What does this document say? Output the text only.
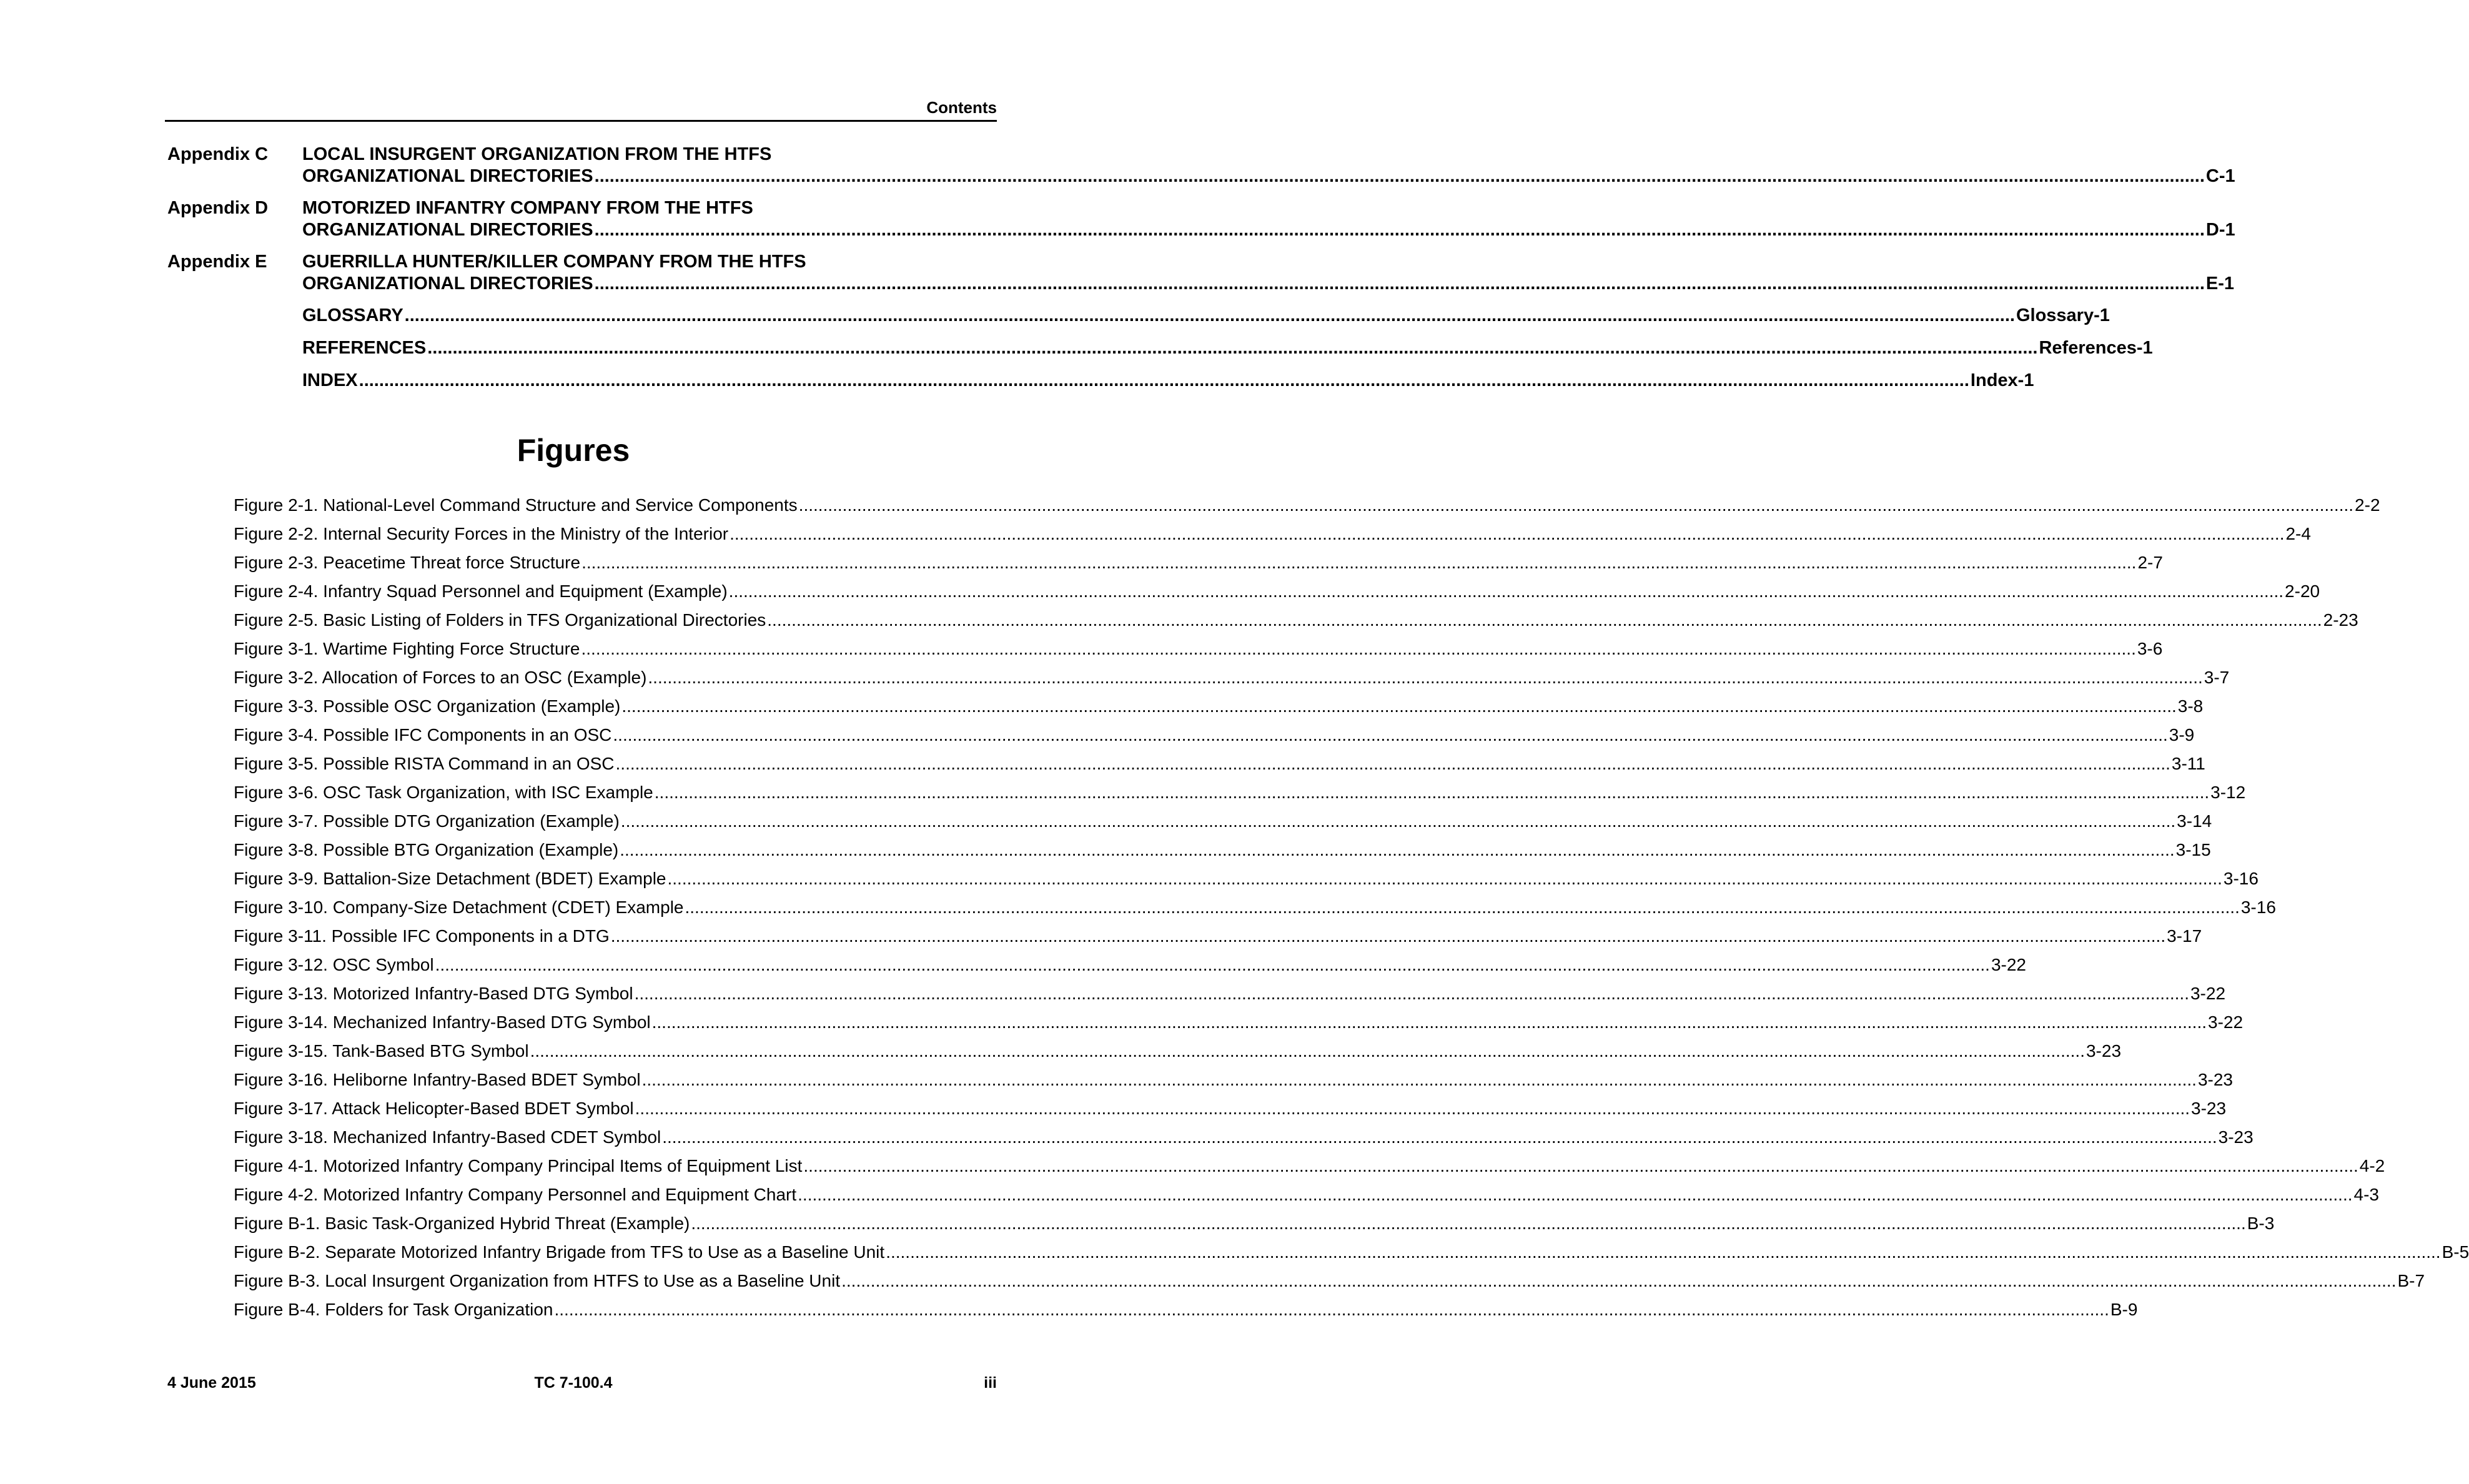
Contents
Appendix C	LOCAL INSURGENT ORGANIZATION FROM THE HTFS
ORGANIZATIONAL DIRECTORIES .....	C-1
Appendix D	MOTORIZED INFANTRY COMPANY FROM THE HTFS
ORGANIZATIONAL DIRECTORIES .....	D-1
Appendix E	GUERRILLA HUNTER/KILLER COMPANY FROM THE HTFS
ORGANIZATIONAL DIRECTORIES .....	E-1
GLOSSARY .....	Glossary-1
REFERENCES .....	References-1
INDEX .....	Index-1
Figures
Figure 2-1. National-Level Command Structure and Service Components .....	2-2
Figure 2-2. Internal Security Forces in the Ministry of the Interior .....	2-4
Figure 2-3. Peacetime Threat force Structure .....	2-7
Figure 2-4. Infantry Squad Personnel and Equipment (Example) .....	2-20
Figure 2-5. Basic Listing of Folders in TFS Organizational Directories .....	2-23
Figure 3-1. Wartime Fighting Force Structure .....	3-6
Figure 3-2. Allocation of Forces to an OSC (Example) .....	3-7
Figure 3-3. Possible OSC Organization (Example) .....	3-8
Figure 3-4. Possible IFC Components in an OSC .....	3-9
Figure 3-5. Possible RISTA Command in an OSC .....	3-11
Figure 3-6. OSC Task Organization, with ISC Example .....	3-12
Figure 3-7. Possible DTG Organization (Example) .....	3-14
Figure 3-8. Possible BTG Organization (Example) .....	3-15
Figure 3-9. Battalion-Size Detachment (BDET) Example .....	3-16
Figure 3-10. Company-Size Detachment (CDET) Example .....	3-16
Figure 3-11. Possible IFC Components in a DTG .....	3-17
Figure 3-12. OSC Symbol .....	3-22
Figure 3-13. Motorized Infantry-Based DTG Symbol .....	3-22
Figure 3-14. Mechanized Infantry-Based DTG Symbol .....	3-22
Figure 3-15. Tank-Based BTG Symbol .....	3-23
Figure 3-16. Heliborne Infantry-Based BDET Symbol .....	3-23
Figure 3-17. Attack Helicopter-Based BDET Symbol .....	3-23
Figure 3-18. Mechanized Infantry-Based CDET Symbol .....	3-23
Figure 4-1. Motorized Infantry Company Principal Items of Equipment List .....	4-2
Figure 4-2. Motorized Infantry Company Personnel and Equipment Chart .....	4-3
Figure B-1. Basic Task-Organized Hybrid Threat (Example) .....	B-3
Figure B-2. Separate Motorized Infantry Brigade from TFS to Use as a Baseline Unit .....	B-5
Figure B-3. Local Insurgent Organization from HTFS to Use as a Baseline Unit .....	B-7
Figure B-4. Folders for Task Organization .....	B-9
4 June 2015	TC 7-100.4	iii
